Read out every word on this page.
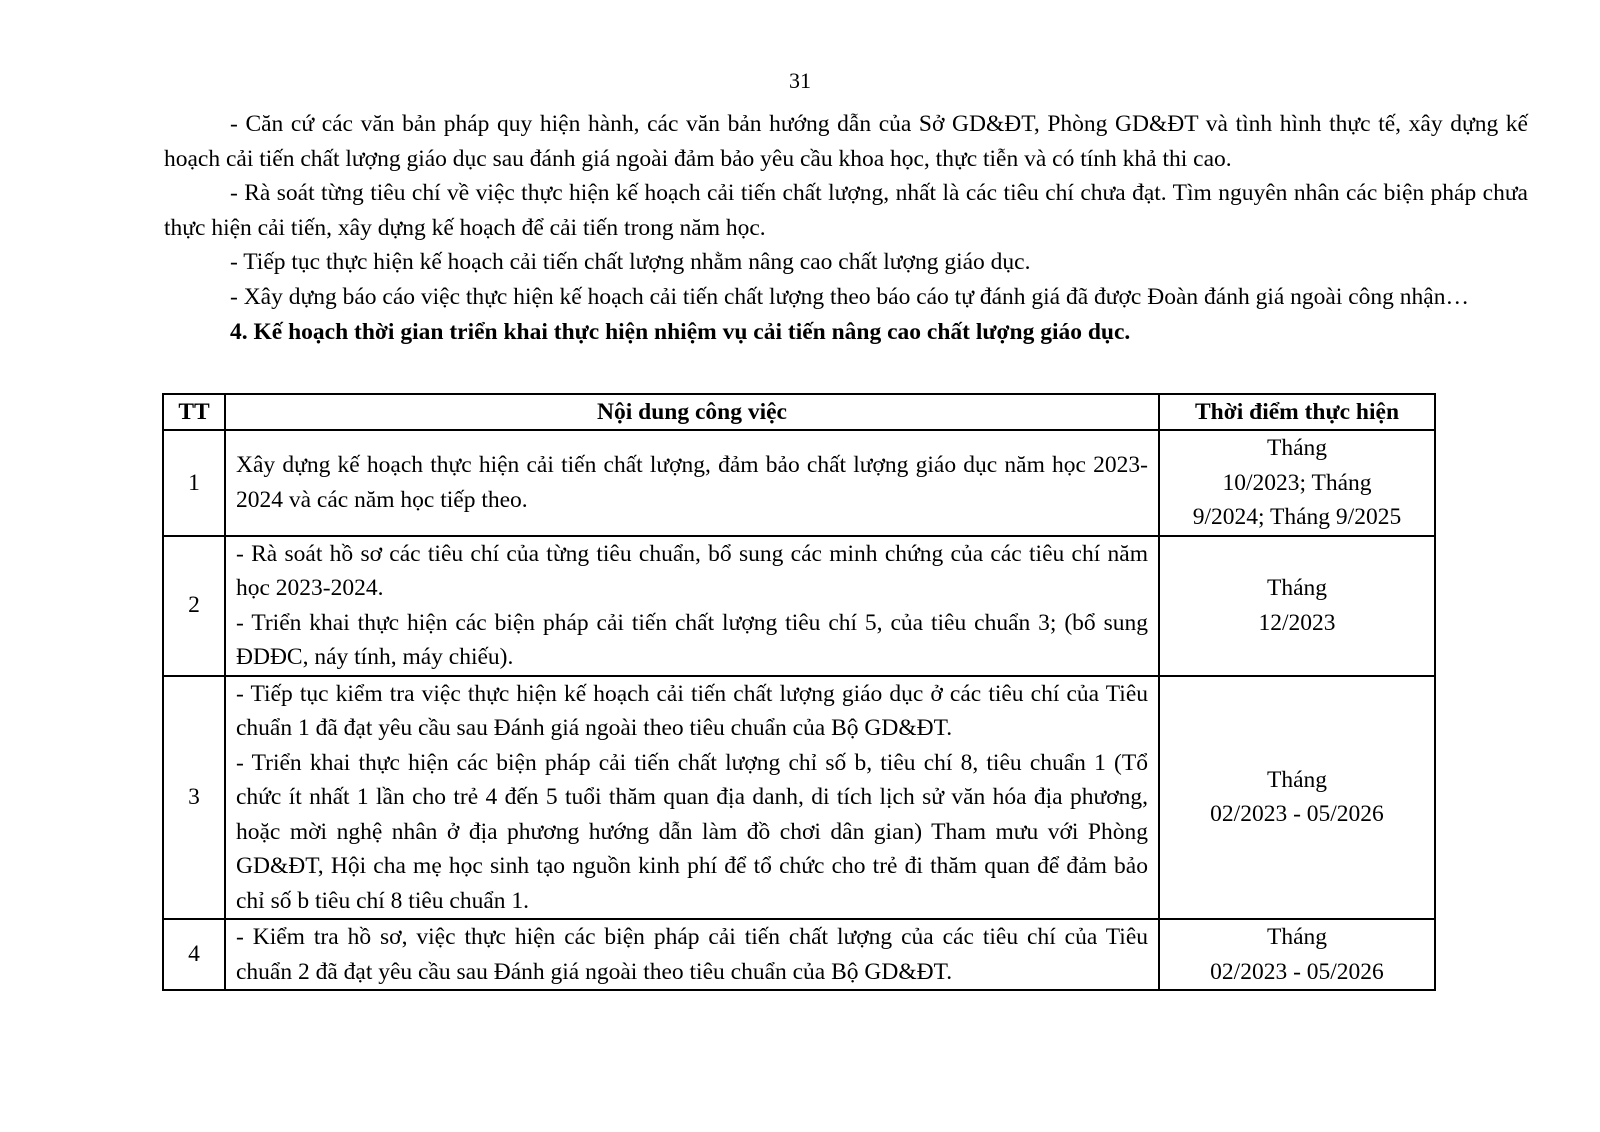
31

- Căn cứ các văn bản pháp quy hiện hành, các văn bản hướng dẫn của Sở GD&ĐT, Phòng GD&ĐT và tình hình thực tế, xây dựng kế hoạch cải tiến chất lượng giáo dục sau đánh giá ngoài đảm bảo yêu cầu khoa học, thực tiễn và có tính khả thi cao.

- Rà soát từng tiêu chí về việc thực hiện kế hoạch cải tiến chất lượng, nhất là các tiêu chí chưa đạt. Tìm nguyên nhân các biện pháp chưa thực hiện cải tiến, xây dựng kế hoạch để cải tiến trong năm học.

- Tiếp tục thực hiện kế hoạch cải tiến chất lượng nhằm nâng cao chất lượng giáo dục.

- Xây dựng báo cáo việc thực hiện kế hoạch cải tiến chất lượng theo báo cáo tự đánh giá đã được Đoàn đánh giá ngoài công nhận…

4. Kế hoạch thời gian triển khai thực hiện nhiệm vụ cải tiến nâng cao chất lượng giáo dục.

TT	Nội dung công việc	Thời điểm thực hiện
1	Xây dựng kế hoạch thực hiện cải tiến chất lượng, đảm bảo chất lượng giáo dục năm học 2023-2024 và các năm học tiếp theo.	Tháng
10/2023; Tháng
9/2024; Tháng 9/2025

2	- Rà soát hồ sơ các tiêu chí của từng tiêu chuẩn, bổ sung các minh chứng của các tiêu chí năm học 2023-2024.
- Triển khai thực hiện các biện pháp cải tiến chất lượng tiêu chí 5, của tiêu chuẩn 3; (bổ sung ĐDĐC, náy tính, máy chiếu).	Tháng
12/2023

3	- Tiếp tục kiểm tra việc thực hiện kế hoạch cải tiến chất lượng giáo dục ở các tiêu chí của Tiêu chuẩn 1 đã đạt yêu cầu sau Đánh giá ngoài theo tiêu chuẩn của Bộ GD&ĐT.
- Triển khai thực hiện các biện pháp cải tiến chất lượng chỉ số b, tiêu chí 8, tiêu chuẩn 1 (Tổ chức ít nhất 1 lần cho trẻ 4 đến 5 tuổi thăm quan địa danh, di tích lịch sử văn hóa địa phương, hoặc mời nghệ nhân ở địa phương hướng dẫn làm đồ chơi dân gian) Tham mưu với Phòng GD&ĐT, Hội cha mẹ học sinh tạo nguồn kinh phí để tổ chức cho trẻ đi thăm quan để đảm bảo chỉ số b tiêu chí 8 tiêu chuẩn 1.	Tháng
02/2023 - 05/2026

4	- Kiểm tra hồ sơ, việc thực hiện các biện pháp cải tiến chất lượng của các tiêu chí của Tiêu chuẩn 2 đã đạt yêu cầu sau Đánh giá ngoài theo tiêu chuẩn của Bộ GD&ĐT.	Tháng
02/2023 - 05/2026
